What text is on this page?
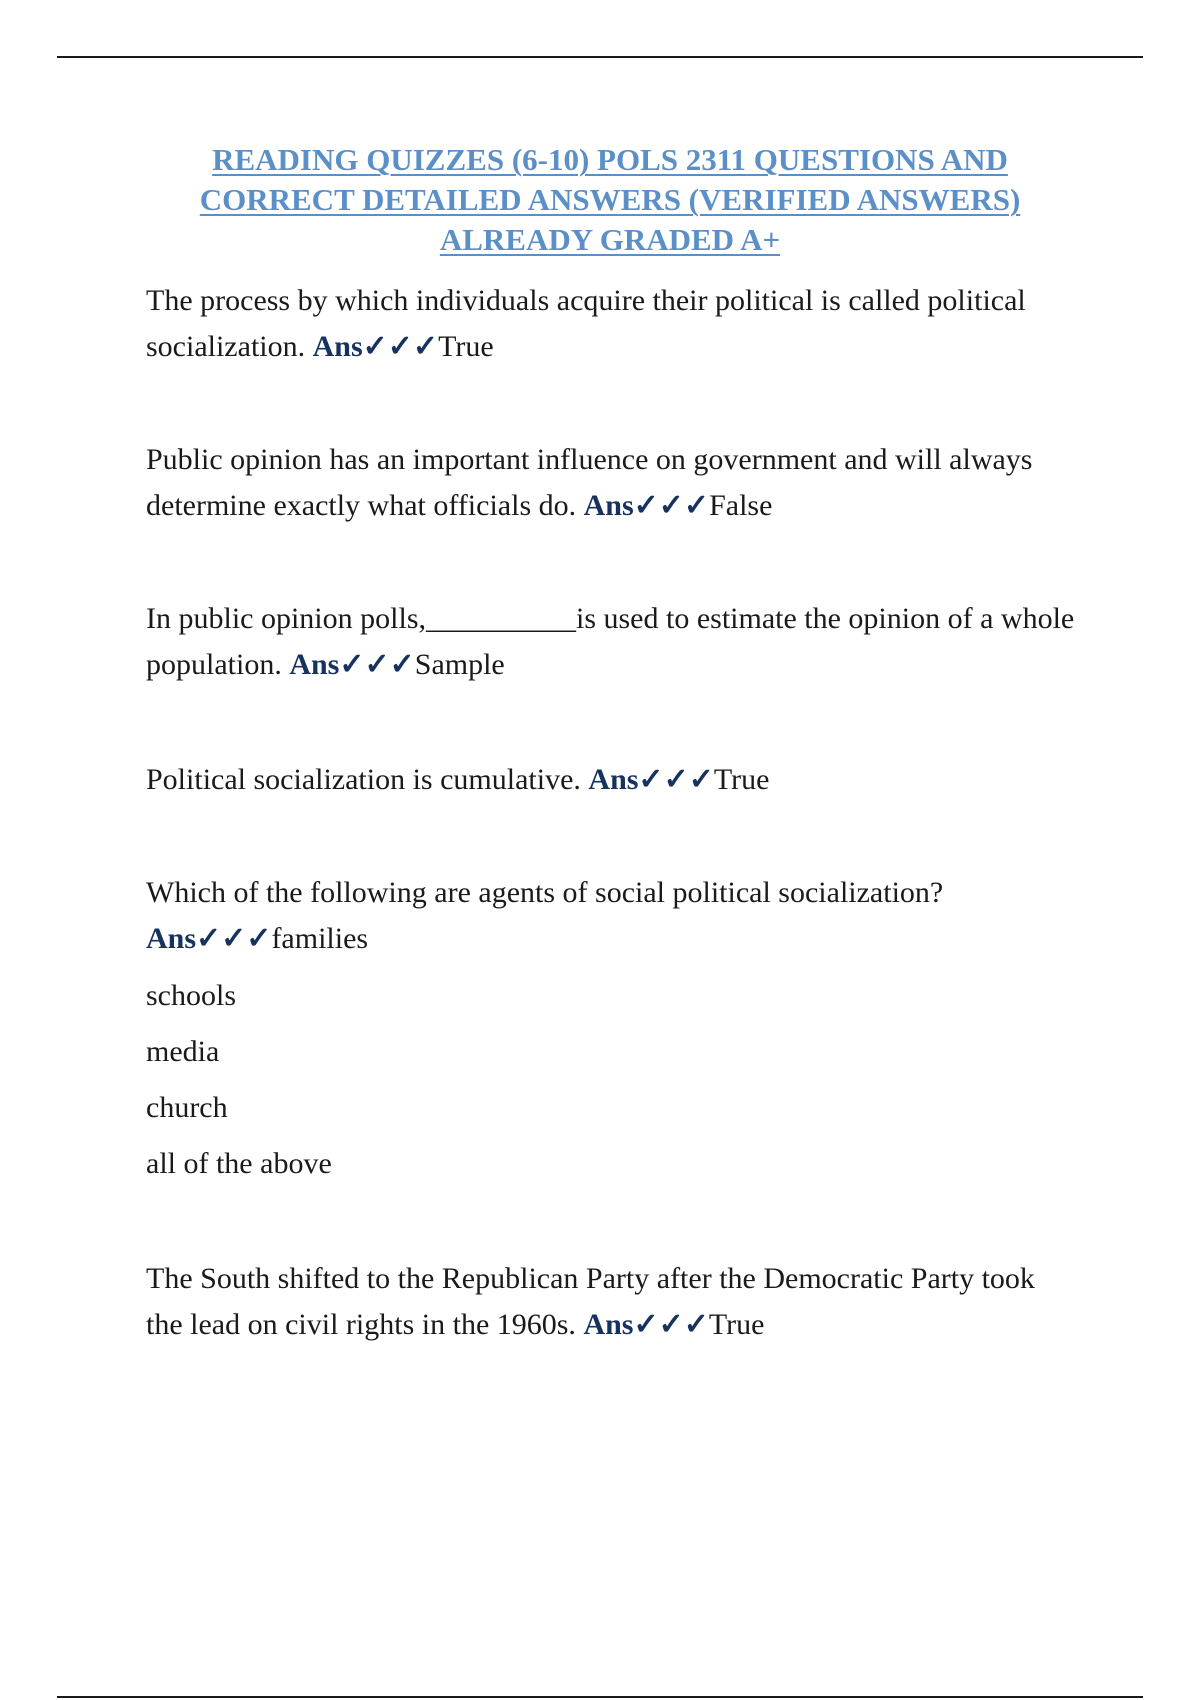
READING QUIZZES (6-10) POLS 2311 QUESTIONS AND
CORRECT DETAILED ANSWERS (VERIFIED ANSWERS)
ALREADY GRADED A+

The process by which individuals acquire their political is called political socialization. Ans✓✓✓True

Public opinion has an important influence on government and will always determine exactly what officials do. Ans✓✓✓False

In public opinion polls,__________is used to estimate the opinion of a whole population. Ans✓✓✓Sample

Political socialization is cumulative. Ans✓✓✓True

Which of the following are agents of social political socialization?
Ans✓✓✓families

schools

media

church

all of the above

The South shifted to the Republican Party after the Democratic Party took the lead on civil rights in the 1960s. Ans✓✓✓True
